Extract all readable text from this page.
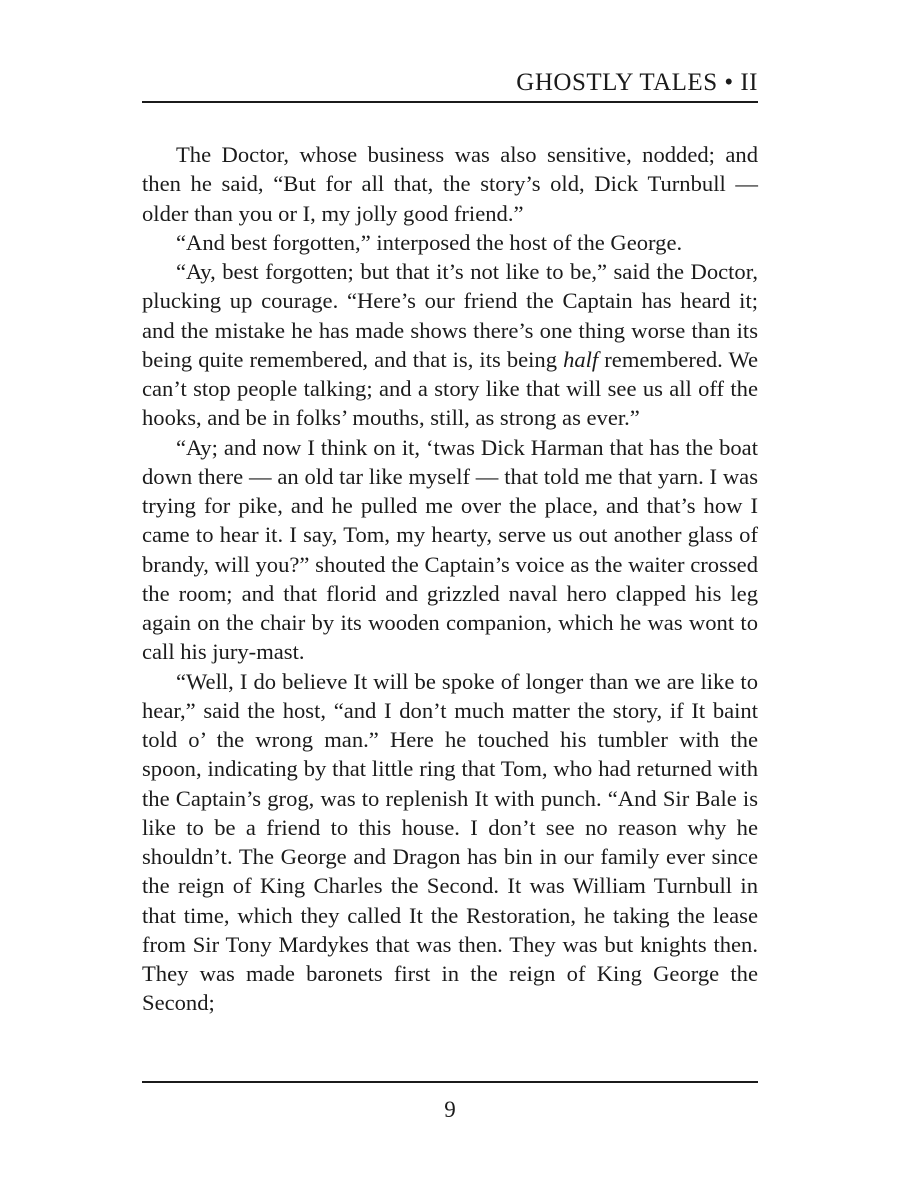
GHOSTLY TALES • II

The Doctor, whose business was also sensitive, nodded; and then he said, “But for all that, the story’s old, Dick Turnbull — older than you or I, my jolly good friend.”

“And best forgotten,” interposed the host of the George.

“Ay, best forgotten; but that it’s not like to be,” said the Doctor, plucking up courage. “Here’s our friend the Captain has heard it; and the mistake he has made shows there’s one thing worse than its being quite remembered, and that is, its being half remembered. We can’t stop people talking; and a story like that will see us all off the hooks, and be in folks’ mouths, still, as strong as ever.”

“Ay; and now I think on it, ‘twas Dick Harman that has the boat down there — an old tar like myself — that told me that yarn. I was trying for pike, and he pulled me over the place, and that’s how I came to hear it. I say, Tom, my hearty, serve us out another glass of brandy, will you?” shouted the Captain’s voice as the waiter crossed the room; and that florid and grizzled naval hero clapped his leg again on the chair by its wooden companion, which he was wont to call his jury-mast.

“Well, I do believe It will be spoke of longer than we are like to hear,” said the host, “and I don’t much matter the story, if It baint told o’ the wrong man.” Here he touched his tumbler with the spoon, indicating by that little ring that Tom, who had returned with the Captain’s grog, was to replenish It with punch. “And Sir Bale is like to be a friend to this house. I don’t see no reason why he shouldn’t. The George and Dragon has bin in our family ever since the reign of King Charles the Second. It was William Turnbull in that time, which they called It the Restoration, he taking the lease from Sir Tony Mardykes that was then. They was but knights then. They was made baronets first in the reign of King George the Second;

9
